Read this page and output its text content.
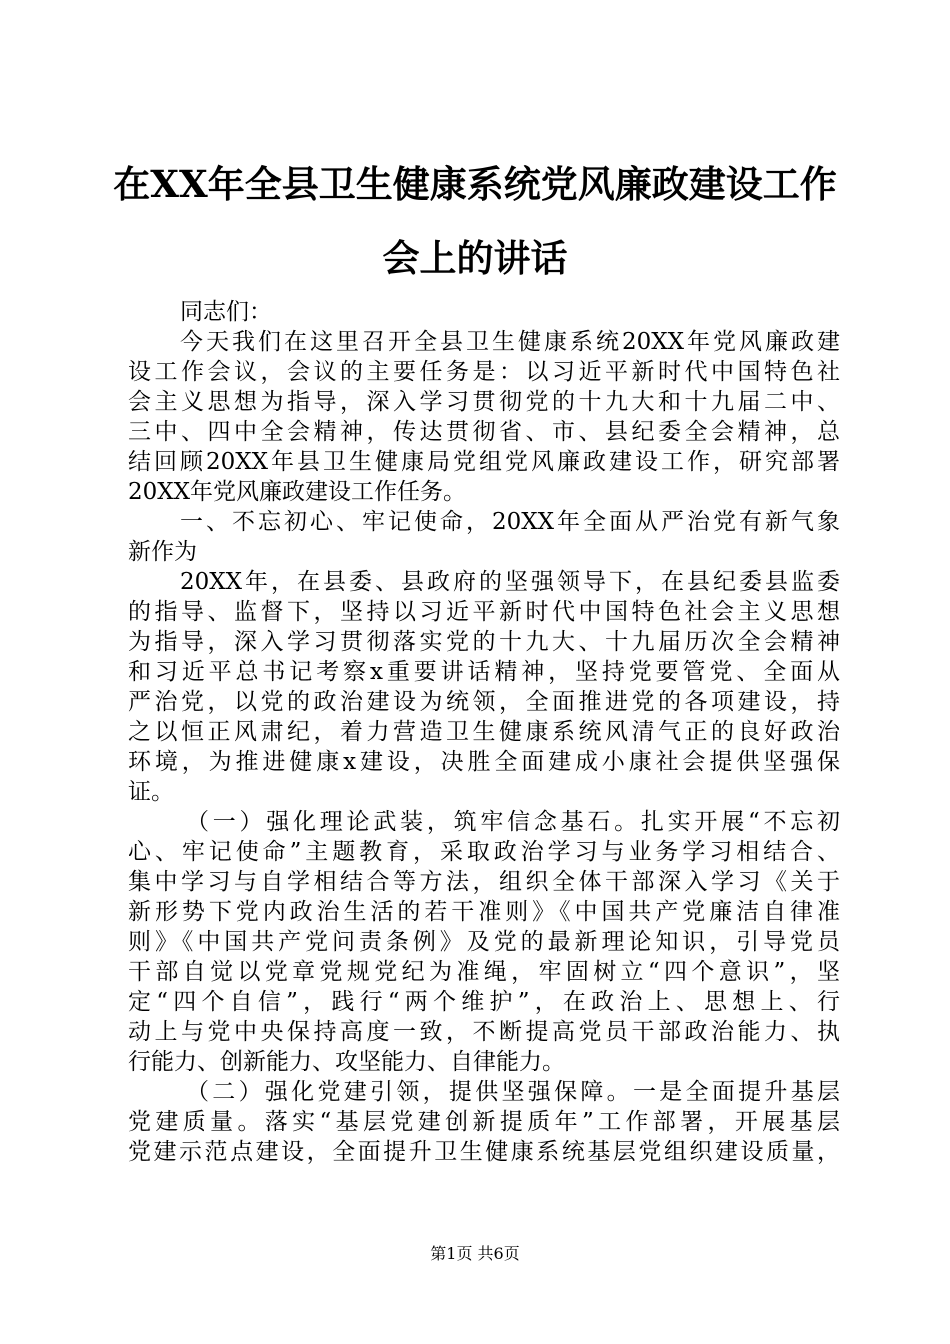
在XX年全县卫生健康系统党风廉政建设工作
会上的讲话
同志们：
今天我们在这里召开全县卫生健康系统20XX年党风廉政建
设工作会议，会议的主要任务是：以习近平新时代中国特色社
会主义思想为指导，深入学习贯彻党的十九大和十九届二中、
三中、四中全会精神，传达贯彻省、市、县纪委全会精神，总
结回顾20XX年县卫生健康局党组党风廉政建设工作，研究部署
20XX年党风廉政建设工作任务。
一、不忘初心、牢记使命，20XX年全面从严治党有新气象
新作为
20XX年，在县委、县政府的坚强领导下，在县纪委县监委
的指导、监督下，坚持以习近平新时代中国特色社会主义思想
为指导，深入学习贯彻落实党的十九大、十九届历次全会精神
和习近平总书记考察x重要讲话精神，坚持党要管党、全面从
严治党，以党的政治建设为统领，全面推进党的各项建设，持
之以恒正风肃纪，着力营造卫生健康系统风清气正的良好政治
环境，为推进健康x建设，决胜全面建成小康社会提供坚强保
证。
（一）强化理论武装，筑牢信念基石。扎实开展“不忘初
心、牢记使命”主题教育，采取政治学习与业务学习相结合、
集中学习与自学相结合等方法，组织全体干部深入学习《关于
新形势下党内政治生活的若干准则》《中国共产党廉洁自律准
则》《中国共产党问责条例》及党的最新理论知识，引导党员
干部自觉以党章党规党纪为准绳，牢固树立“四个意识”，坚
定“四个自信”，践行“两个维护”，在政治上、思想上、行
动上与党中央保持高度一致，不断提高党员干部政治能力、执
行能力、创新能力、攻坚能力、自律能力。
（二）强化党建引领，提供坚强保障。一是全面提升基层
党建质量。落实“基层党建创新提质年”工作部署，开展基层
党建示范点建设，全面提升卫生健康系统基层党组织建设质量，
第1页 共6页
